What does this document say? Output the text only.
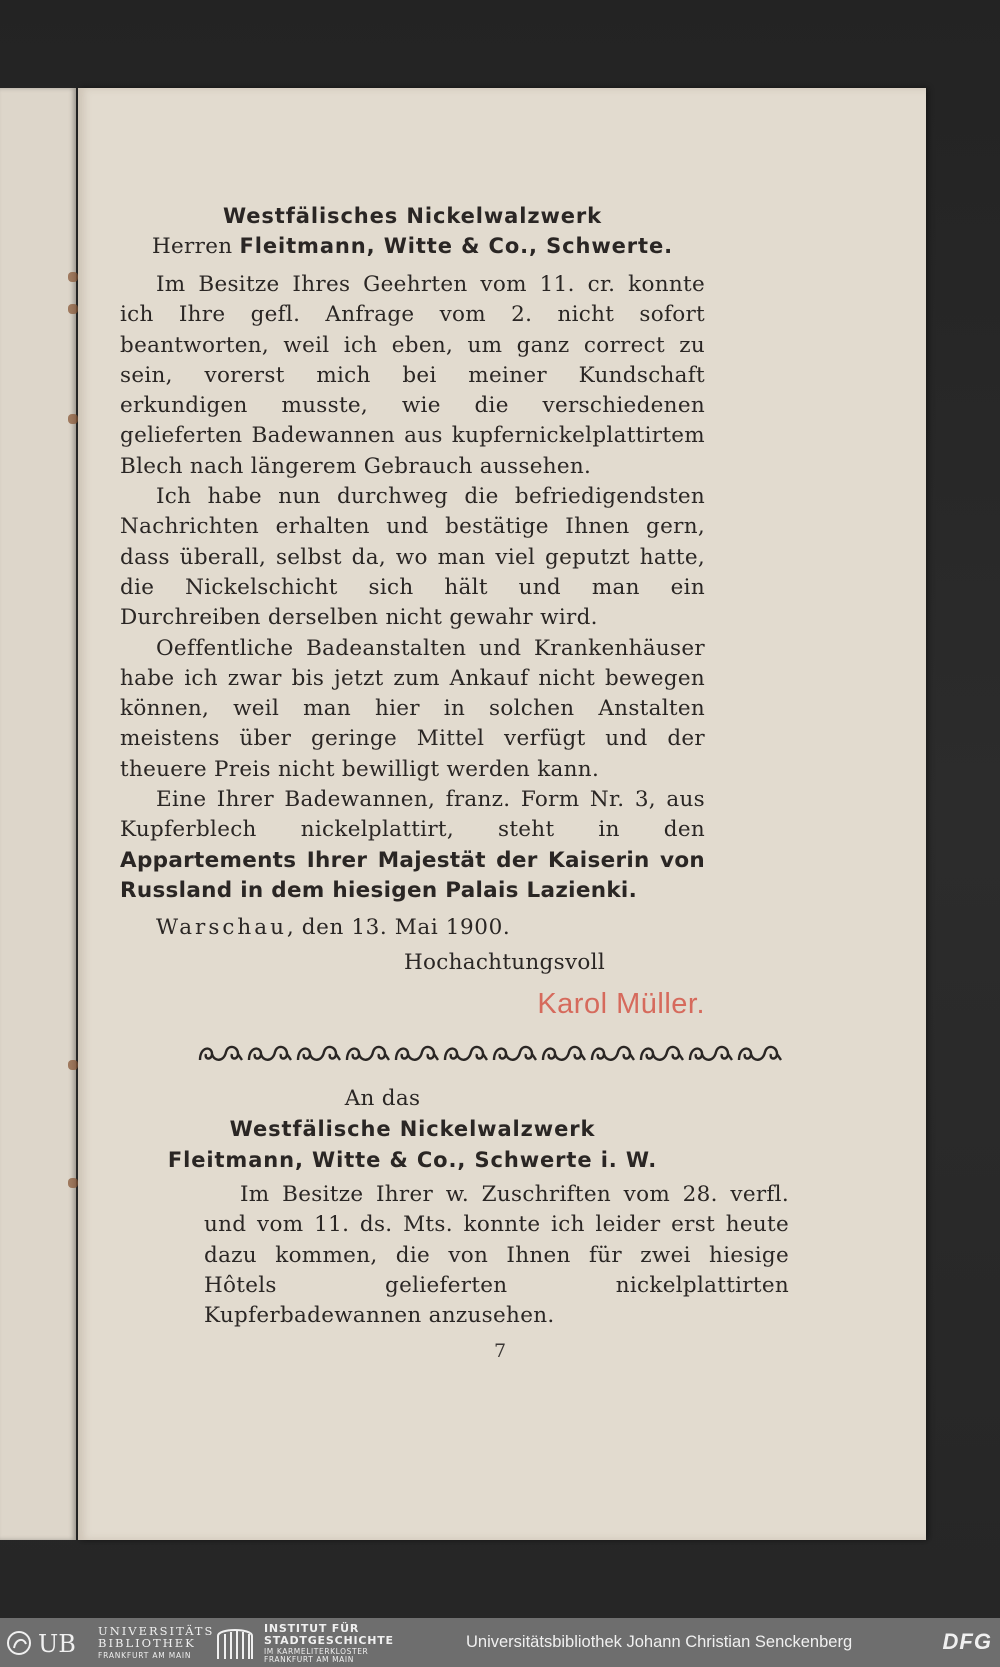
Westfälisches Nickelwalzwerk
Herren Fleitmann, Witte & Co., Schwerte.

Im Besitze Ihres Geehrten vom 11. cr. konnte ich Ihre gefl. Anfrage vom 2. nicht sofort beantworten, weil ich eben, um ganz correct zu sein, vorerst mich bei meiner Kundschaft erkundigen musste, wie die verschiedenen gelieferten Badewannen aus kupfernickelplattirtem Blech nach längerem Gebrauch aussehen.

Ich habe nun durchweg die befriedigendsten Nachrichten erhalten und bestätige Ihnen gern, dass überall, selbst da, wo man viel geputzt hatte, die Nickelschicht sich hält und man ein Durchreiben derselben nicht gewahr wird.

Oeffentliche Badeanstalten und Krankenhäuser habe ich zwar bis jetzt zum Ankauf nicht bewegen können, weil man hier in solchen Anstalten meistens über geringe Mittel verfügt und der theuere Preis nicht bewilligt werden kann.

Eine Ihrer Badewannen, franz. Form Nr. 3, aus Kupferblech nickelplattirt, steht in den Appartements Ihrer Majestät der Kaiserin von Russland in dem hiesigen Palais Lazienki.

Warschau, den 13. Mai 1900.
Hochachtungsvoll
Karol Müller.
An das
Westfälische Nickelwalzwerk
Fleitmann, Witte & Co., Schwerte i. W.

Im Besitze Ihrer w. Zuschriften vom 28. verfl. und vom 11. ds. Mts. konnte ich leider erst heute dazu kommen, die von Ihnen für zwei hiesige Hôtels gelieferten nickelplattirten Kupferbadewannen anzusehen.

7
UB UNIVERSITÄTS
BIBLIOTHEK
FRANKFURT AM MAIN
INSTITUT FÜR
STADTGESCHICHTE
IM KARMELITERKLOSTER
FRANKFURT AM MAIN
Universitätsbibliothek Johann Christian Senckenberg	DFG
